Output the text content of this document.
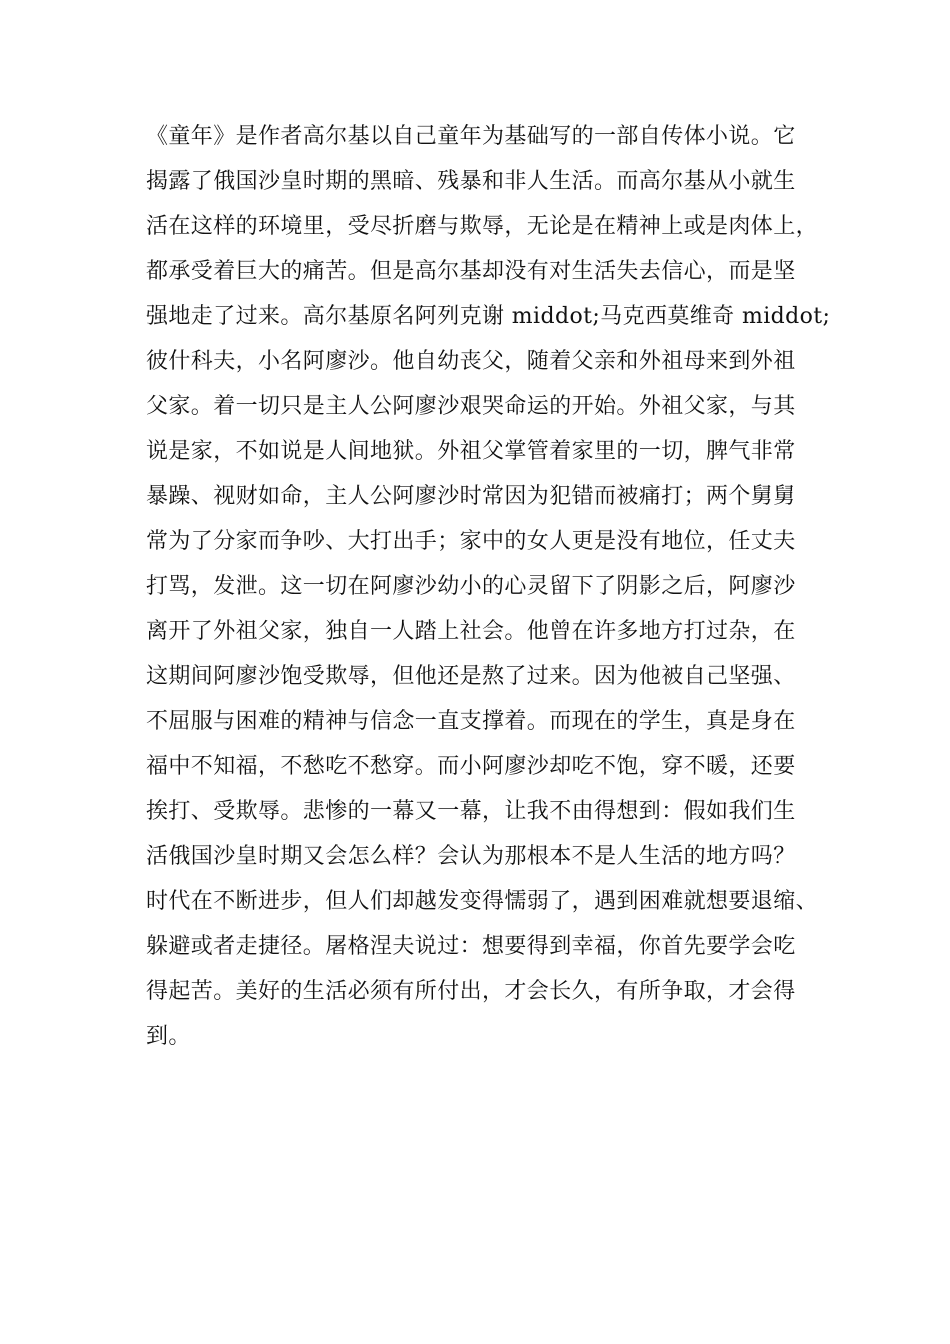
《童年》是作者高尔基以自己童年为基础写的一部自传体小说。它
揭露了俄国沙皇时期的黑暗、残暴和非人生活。而高尔基从小就生
活在这样的环境里，受尽折磨与欺辱，无论是在精神上或是肉体上，
都承受着巨大的痛苦。但是高尔基却没有对生活失去信心，而是坚
强地走了过来。高尔基原名阿列克谢 middot;马克西莫维奇 middot;
彼什科夫，小名阿廖沙。他自幼丧父，随着父亲和外祖母来到外祖
父家。着一切只是主人公阿廖沙艰哭命运的开始。外祖父家，与其
说是家，不如说是人间地狱。外祖父掌管着家里的一切，脾气非常
暴躁、视财如命，主人公阿廖沙时常因为犯错而被痛打；两个舅舅
常为了分家而争吵、大打出手；家中的女人更是没有地位，任丈夫
打骂，发泄。这一切在阿廖沙幼小的心灵留下了阴影之后，阿廖沙
离开了外祖父家，独自一人踏上社会。他曾在许多地方打过杂，在
这期间阿廖沙饱受欺辱，但他还是熬了过来。因为他被自己坚强、
不屈服与困难的精神与信念一直支撑着。而现在的学生，真是身在
福中不知福，不愁吃不愁穿。而小阿廖沙却吃不饱，穿不暖，还要
挨打、受欺辱。悲惨的一幕又一幕，让我不由得想到：假如我们生
活俄国沙皇时期又会怎么样？会认为那根本不是人生活的地方吗？
时代在不断进步，但人们却越发变得懦弱了，遇到困难就想要退缩、
躲避或者走捷径。屠格涅夫说过：想要得到幸福，你首先要学会吃
得起苦。美好的生活必须有所付出，才会长久，有所争取，才会得
到。
